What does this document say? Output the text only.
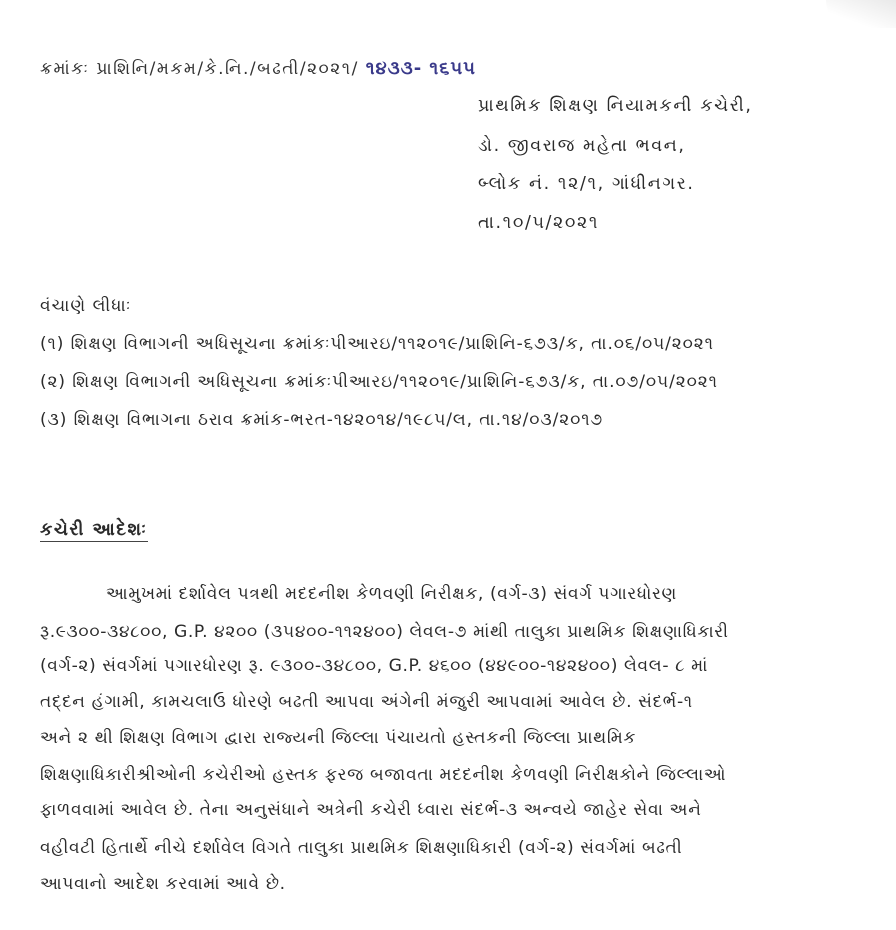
ક્રમાંકઃ પ્રાશિનિ/મકમ/કે.નિ./બઢતી/૨૦૨૧/ ૧૪૩૩- ૧૬૫૫
પ્રાથમિક શિક્ષણ નિયામકની કચેરી,
ડો. જીવરાજ મહેતા ભવન,
બ્લોક નં. ૧૨/૧, ગાંધીનગર.
તા.૧૦/૫/૨૦૨૧
વંચાણે લીધાઃ
(૧) શિક્ષણ વિભાગની અધિસૂચના ક્રમાંકઃપીઆરઇ/૧૧૨૦૧૯/પ્રાશિનિ-૬૭૩/ક, તા.૦૬/૦૫/૨૦૨૧
(૨) શિક્ષણ વિભાગની અધિસૂચના ક્રમાંકઃપીઆરઇ/૧૧૨૦૧૯/પ્રાશિનિ-૬૭૩/ક, તા.૦૭/૦૫/૨૦૨૧
(૩) શિક્ષણ વિભાગના ઠરાવ ક્રમાંક-ભરત-૧૪૨૦૧૪/૧૯૮૫/લ, તા.૧૪/૦૩/૨૦૧૭
કચેરી આદેશઃ
આમુખમાં દર્શાવેલ પત્રથી મદદનીશ કેળવણી નિરીક્ષક, (વર્ગ-૩) સંવર્ગ પગારધોરણ
રૂ.૯૩૦૦-૩૪૮૦૦, G.P. ૪૨૦૦ (૩૫૪૦૦-૧૧૨૪૦૦) લેવલ-૭ માંથી તાલુકા પ્રાથમિક શિક્ષણાધિકારી
(વર્ગ-૨) સંવર્ગમાં પગારધોરણ રૂ. ૯૩૦૦-૩૪૮૦૦, G.P. ૪૬૦૦ (૪૪૯૦૦-૧૪૨૪૦૦) લેવલ- ૮ માં
તદ્દન હંગામી, કામચલાઉ ધોરણે બઢતી આપવા અંગેની મંજુરી આપવામાં આવેલ છે. સંદર્ભ-૧
અને ૨ થી શિક્ષણ વિભાગ દ્વારા રાજ્યની જિલ્લા પંચાયતો હસ્તકની જિલ્લા પ્રાથમિક
શિક્ષણાધિકારીશ્રીઓની કચેરીઓ હસ્તક ફરજ બજાવતા મદદનીશ કેળવણી નિરીક્ષકોને જિલ્લાઓ
ફાળવવામાં આવેલ છે. તેના અનુસંધાને અત્રેની કચેરી ધ્વારા સંદર્ભ-૩ અન્વયે જાહેર સેવા અને
વહીવટી હિતાર્થે નીચે દર્શાવેલ વિગતે તાલુકા પ્રાથમિક શિક્ષણાધિકારી (વર્ગ-૨) સંવર્ગમાં બઢતી
આપવાનો આદેશ કરવામાં આવે છે.
